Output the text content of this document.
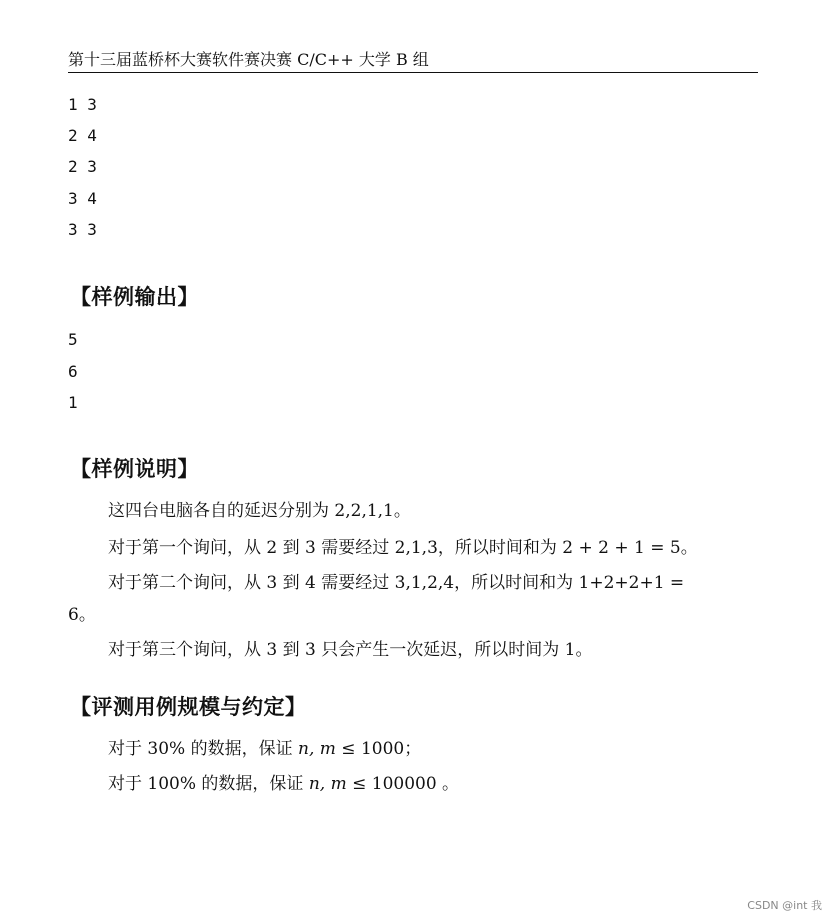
第十三届蓝桥杯大赛软件赛决赛 C/C++ 大学 B 组
1 3
2 4
2 3
3 4
3 3
【样例输出】
5
6
1
【样例说明】
这四台电脑各自的延迟分别为 2,2,1,1。
对于第一个询问，从 2 到 3 需要经过 2,1,3，所以时间和为 2 + 2 + 1 = 5。
对于第二个询问，从 3 到 4 需要经过 3,1,2,4，所以时间和为 1+2+2+1 =
6。
对于第三个询问，从 3 到 3 只会产生一次延迟，所以时间为 1。
【评测用例规模与约定】
对于 30% 的数据，保证 n, m ≤ 1000；
对于 100% 的数据，保证 n, m ≤ 100000 。
CSDN @int 我
